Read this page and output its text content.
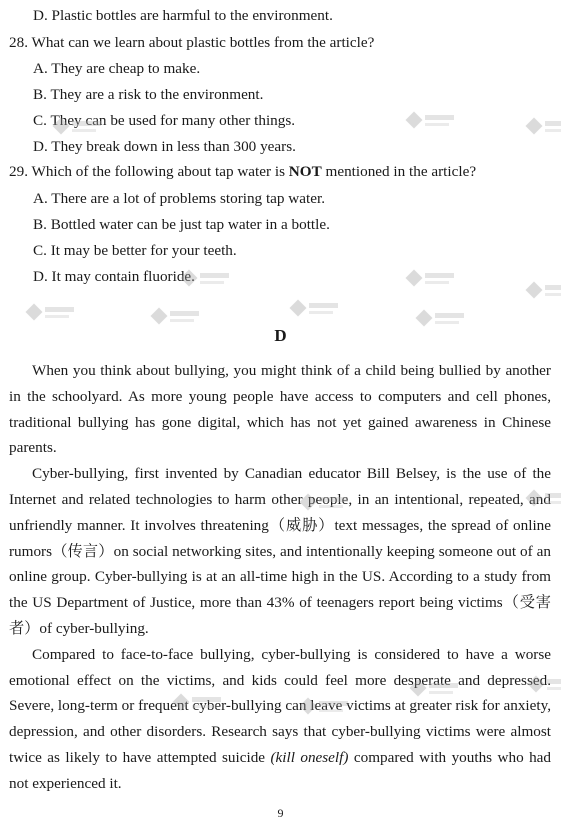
D. Plastic bottles are harmful to the environment.
28. What can we learn about plastic bottles from the article?
A. They are cheap to make.
B. They are a risk to the environment.
C. They can be used for many other things.
D. They break down in less than 300 years.
29. Which of the following about tap water is NOT mentioned in the article?
A. There are a lot of problems storing tap water.
B. Bottled water can be just tap water in a bottle.
C. It may be better for your teeth.
D. It may contain fluoride.
D

When you think about bullying, you might think of a child being bullied by another in the schoolyard. As more young people have access to computers and cell phones, traditional bullying has gone digital, which has not yet gained awareness in Chinese parents.

Cyber-bullying, first invented by Canadian educator Bill Belsey, is the use of the Internet and related technologies to harm other people, in an intentional, repeated, and unfriendly manner. It involves threatening（威胁）text messages, the spread of online rumors（传言）on social networking sites, and intentionally keeping someone out of an online group. Cyber-bullying is at an all-time high in the US. According to a study from the US Department of Justice, more than 43% of teenagers report being victims（受害者）of cyber-bullying.

Compared to face-to-face bullying, cyber-bullying is considered to have a worse emotional effect on the victims, and kids could feel more desperate and depressed. Severe, long-term or frequent cyber-bullying can leave victims at greater risk for anxiety, depression, and other disorders. Research says that cyber-bullying victims were almost twice as likely to have attempted suicide (kill oneself) compared with youths who had not experienced it.

9
